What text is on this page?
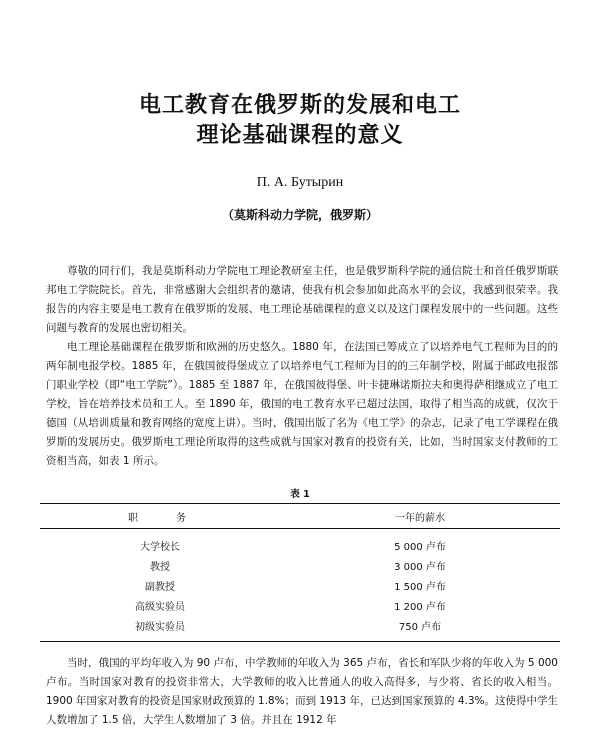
电工教育在俄罗斯的发展和电工
理论基础课程的意义
П. А. Бутырин
（莫斯科动力学院，俄罗斯）

尊敬的同行们，我是莫斯科动力学院电工理论教研室主任，也是俄罗斯科学院的通信院士和首任俄罗斯联邦电工学院院长。首先，非常感谢大会组织者的邀请，使我有机会参加如此高水平的会议，我感到很荣幸。我报告的内容主要是电工教育在俄罗斯的发展、电工理论基础课程的意义以及这门课程发展中的一些问题。这些问题与教育的发展也密切相关。

电工理论基础课程在俄罗斯和欧洲的历史悠久。1880 年，在法国已筹成立了以培养电气工程师为目的的两年制电报学校。1885 年，在俄国彼得堡成立了以培养电气工程师为目的的三年制学校，附属于邮政电报部门职业学校（即“电工学院”）。1885 至 1887 年，在俄国彼得堡、叶卡捷琳诺斯拉夫和奥得萨相继成立了电工学校，旨在培养技术员和工人。至 1890 年，俄国的电工教育水平已超过法国，取得了相当高的成就，仅次于德国（从培训质量和教育网络的宽度上讲）。当时，俄国出版了名为《电工学》的杂志，记录了电工学课程在俄罗斯的发展历史。俄罗斯电工理论所取得的这些成就与国家对教育的投资有关，比如，当时国家支付教师的工资相当高，如表 1 所示。

表 1
职　　务	一年的薪水
大学校长	5 000 卢布
教授	3 000 卢布
副教授	1 500 卢布
高级实验员	1 200 卢布
初级实验员	750 卢布

当时，俄国的平均年收入为 90 卢布，中学教师的年收入为 365 卢布，省长和军队少将的年收入为 5 000 卢布。当时国家对教育的投资非常大，大学教师的收入比普通人的收入高得多，与少将、省长的收入相当。1900 年国家对教育的投资是国家财政预算的 1.8%；而到 1913 年，已达到国家预算的 4.3%。这使得中学生人数增加了 1.5 倍，大学生人数增加了 3 倍。并且在 1912 年
